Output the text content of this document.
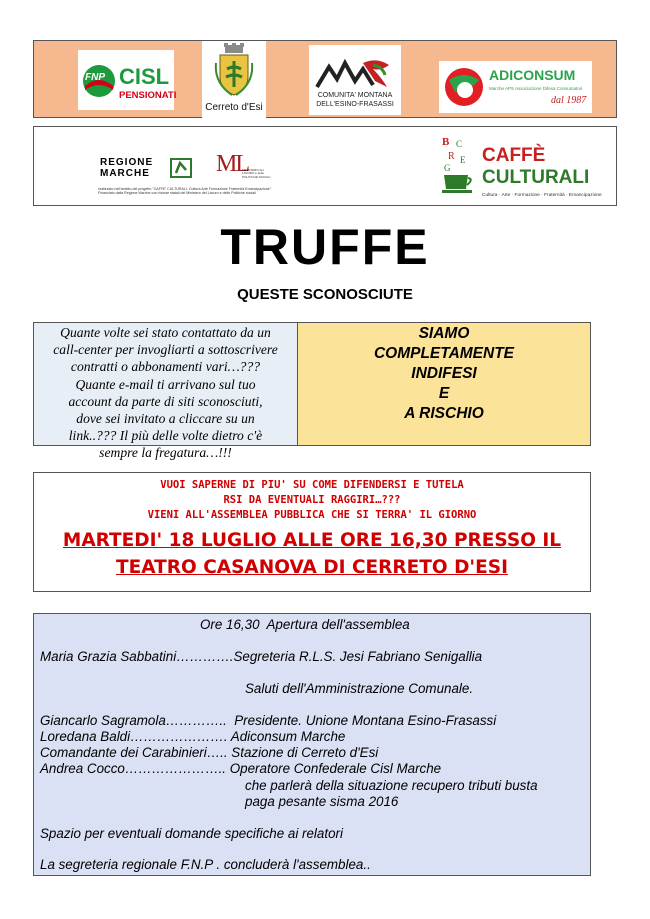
FNP CISL
PENSIONATI
Cerreto d'Esi
COMUNITA' MONTANA
DELL'ESINO-FRASASSI
ADICONSUM
Marche APS Associazione Difesa Consumatori
dal 1987
REGIONE
MARCHE	ML
MINISTERO del LAVORO e delle POLITICHE SOCIALI
realizzato nell'ambito del progetto "CAFFE' CULTURALI, Cultura Arte Formazione Fraternità Emancipazione". Finanziato dalla Regione Marche con risorse statali del Ministero del Lavoro e delle Politiche sociali
B C
R E
G
CAFFÈ
CULTURALI
Cultura · Arte · Formazione · Fraternità · Emancipazione
TRUFFE
QUESTE SCONOSCIUTE

Quante volte sei stato contattato da un

call-center per invogliarti a sottoscrivere

contratti o abbonamenti vari…???

Quante e-mail ti arrivano sul tuo

account da parte di siti sconosciuti,

dove sei invitato a cliccare su un

link..??? Il più delle volte dietro c'è

sempre la fregatura…!!!

SIAMO
COMPLETAMENTE
INDIFESI
E
A RISCHIO
VUOI SAPERNE DI PIU' SU COME DIFENDERSI E TUTELA
RSI DA EVENTUALI RAGGIRI…???
VIENI ALL'ASSEMBLEA PUBBLICA CHE SI TERRA' IL GIORNO
MARTEDI' 18 LUGLIO ALLE ORE 16,30 PRESSO IL
TEATRO CASANOVA DI CERRETO D'ESI
Ore 16,30  Apertura dell'assemblea
Maria Grazia Sabbatini………….Segreteria R.L.S. Jesi Fabriano Senigallia
Saluti dell'Amministrazione Comunale.
Giancarlo Sagramola…………..  Presidente. Unione Montana Esino-Frasassi
Loredana Baldi…………………. Adiconsum Marche
Comandante dei Carabinieri….. Stazione di Cerreto d'Esi
Andrea Cocco………………….. Operatore Confederale Cisl Marche
che parlerà della situazione recupero tributi busta
paga pesante sisma 2016
Spazio per eventuali domande specifiche ai relatori
La segreteria regionale F.N.P . concluderà l'assemblea..
